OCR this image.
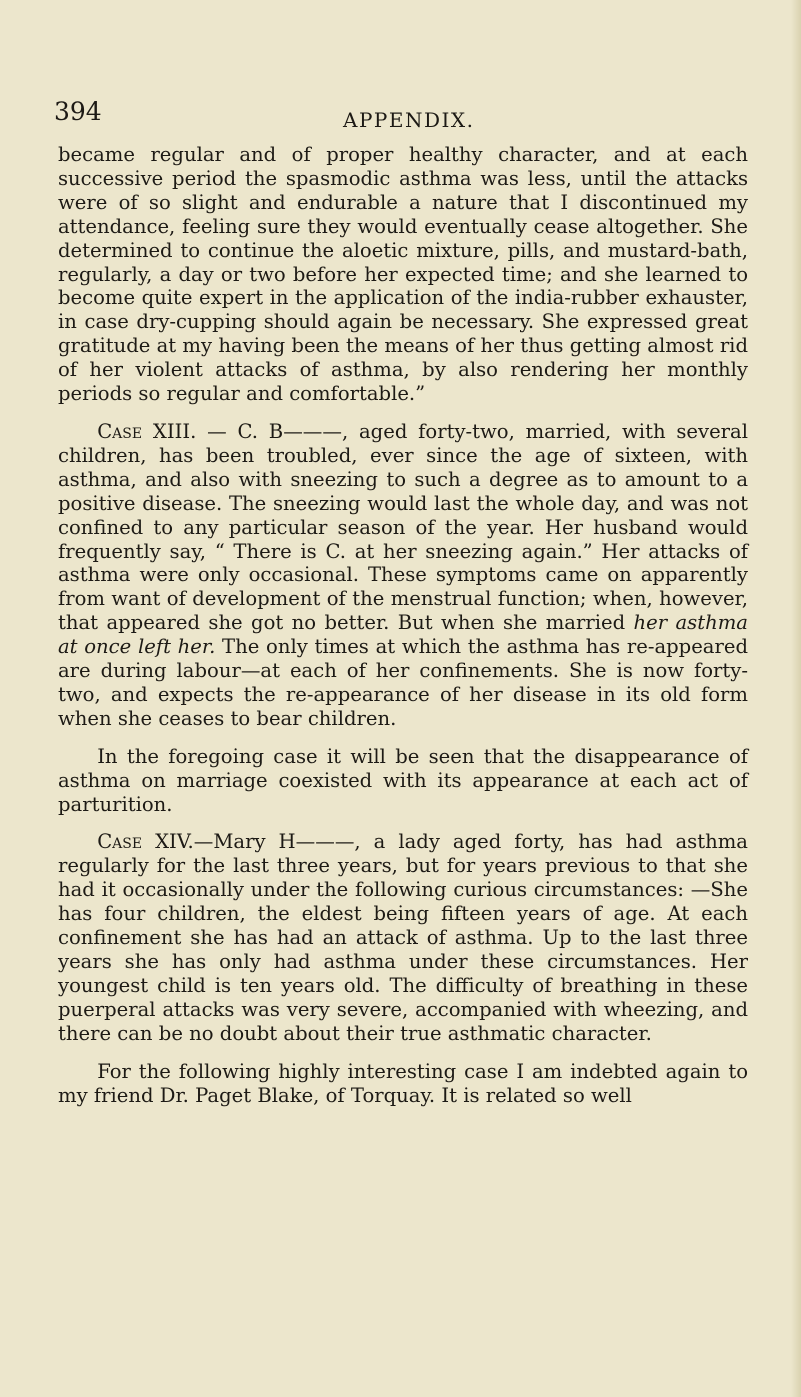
394	APPENDIX.

became regular and of proper healthy character, and at each successive period the spasmodic asthma was less, until the attacks were of so slight and endurable a nature that I discontinued my attendance, feeling sure they would eventually cease altogether. She determined to continue the aloetic mixture, pills, and mustard-bath, regularly, a day or two before her expected time; and she learned to become quite expert in the application of the india-rubber exhauster, in case dry-cupping should again be necessary. She expressed great gratitude at my having been the means of her thus getting almost rid of her violent attacks of asthma, by also rendering her monthly periods so regular and comfortable.”

Case XIII. — C. B———, aged forty-two, married, with several children, has been troubled, ever since the age of sixteen, with asthma, and also with sneezing to such a degree as to amount to a positive disease. The sneezing would last the whole day, and was not confined to any particular season of the year. Her husband would frequently say, “ There is C. at her sneezing again.” Her attacks of asthma were only occasional. These symptoms came on apparently from want of development of the menstrual function; when, however, that appeared she got no better. But when she married her asthma at once left her. The only times at which the asthma has re-appeared are during labour—at each of her confinements. She is now forty-two, and expects the re-appearance of her disease in its old form when she ceases to bear children.

In the foregoing case it will be seen that the disappearance of asthma on marriage coexisted with its appearance at each act of parturition.

Case XIV.—Mary H———, a lady aged forty, has had asthma regularly for the last three years, but for years previous to that she had it occasionally under the following curious circumstances: —She has four children, the eldest being fifteen years of age. At each confinement she has had an attack of asthma. Up to the last three years she has only had asthma under these circumstances. Her youngest child is ten years old. The difficulty of breathing in these puerperal attacks was very severe, accompanied with wheezing, and there can be no doubt about their true asthmatic character.

For the following highly interesting case I am indebted again to my friend Dr. Paget Blake, of Torquay. It is related so well
